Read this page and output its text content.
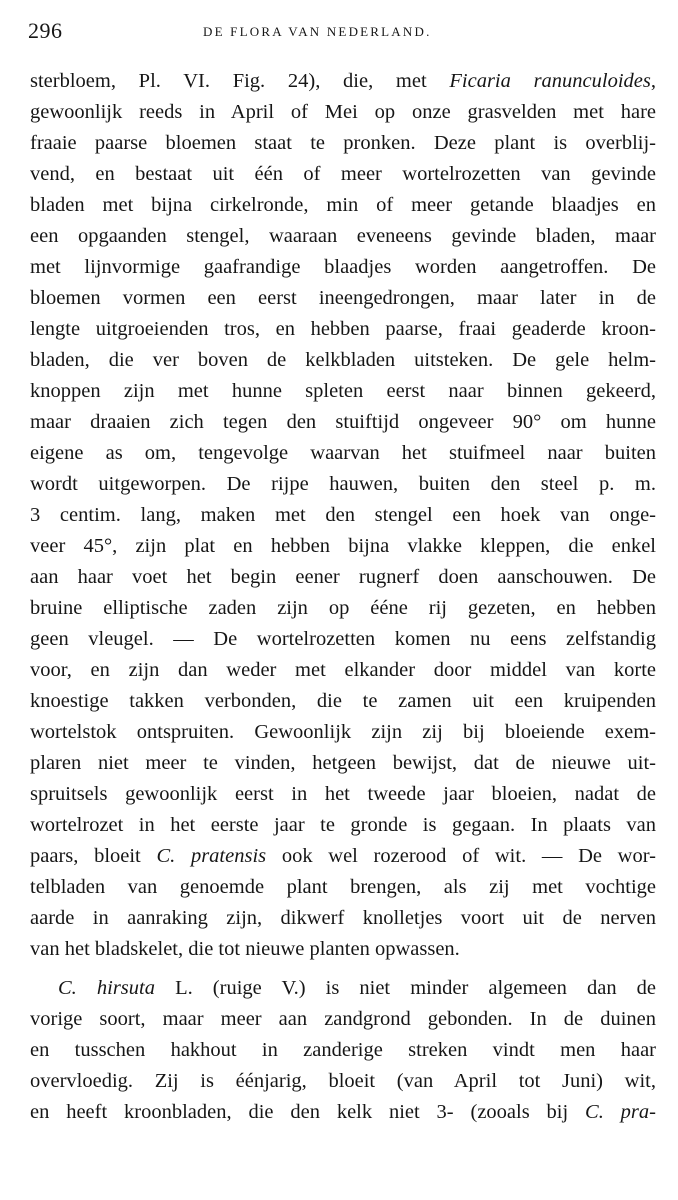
296	DE FLORA VAN NEDERLAND.
sterbloem, Pl. VI. Fig. 24), die, met Ficaria ranunculoides,
gewoonlijk reeds in April of Mei op onze grasvelden met hare
fraaie paarse bloemen staat te pronken. Deze plant is overblij-
vend, en bestaat uit één of meer wortelrozetten van gevinde
bladen met bijna cirkelronde, min of meer getande blaadjes en
een opgaanden stengel, waaraan eveneens gevinde bladen, maar
met lijnvormige gaafrandige blaadjes worden aangetroffen. De
bloemen vormen een eerst ineengedrongen, maar later in de
lengte uitgroeienden tros, en hebben paarse, fraai geaderde kroon-
bladen, die ver boven de kelkbladen uitsteken. De gele helm-
knoppen zijn met hunne spleten eerst naar binnen gekeerd,
maar draaien zich tegen den stuiftijd ongeveer 90° om hunne
eigene as om, tengevolge waarvan het stuifmeel naar buiten
wordt uitgeworpen. De rijpe hauwen, buiten den steel p. m.
3 centim. lang, maken met den stengel een hoek van onge-
veer 45°, zijn plat en hebben bijna vlakke kleppen, die enkel
aan haar voet het begin eener rugnerf doen aanschouwen. De
bruine elliptische zaden zijn op ééne rij gezeten, en hebben
geen vleugel. — De wortelrozetten komen nu eens zelfstandig
voor, en zijn dan weder met elkander door middel van korte
knoestige takken verbonden, die te zamen uit een kruipenden
wortelstok ontspruiten. Gewoonlijk zijn zij bij bloeiende exem-
plaren niet meer te vinden, hetgeen bewijst, dat de nieuwe uit-
spruitsels gewoonlijk eerst in het tweede jaar bloeien, nadat de
wortelrozet in het eerste jaar te gronde is gegaan. In plaats van
paars, bloeit C. pratensis ook wel rozerood of wit. — De wor-
telbladen van genoemde plant brengen, als zij met vochtige
aarde in aanraking zijn, dikwerf knolletjes voort uit de nerven
van het bladskelet, die tot nieuwe planten opwassen.
C. hirsuta L. (ruige V.) is niet minder algemeen dan de
vorige soort, maar meer aan zandgrond gebonden. In de duinen
en tusschen hakhout in zanderige streken vindt men haar
overvloedig. Zij is éénjarig, bloeit (van April tot Juni) wit,
en heeft kroonbladen, die den kelk niet 3- (zooals bij C. pra-
